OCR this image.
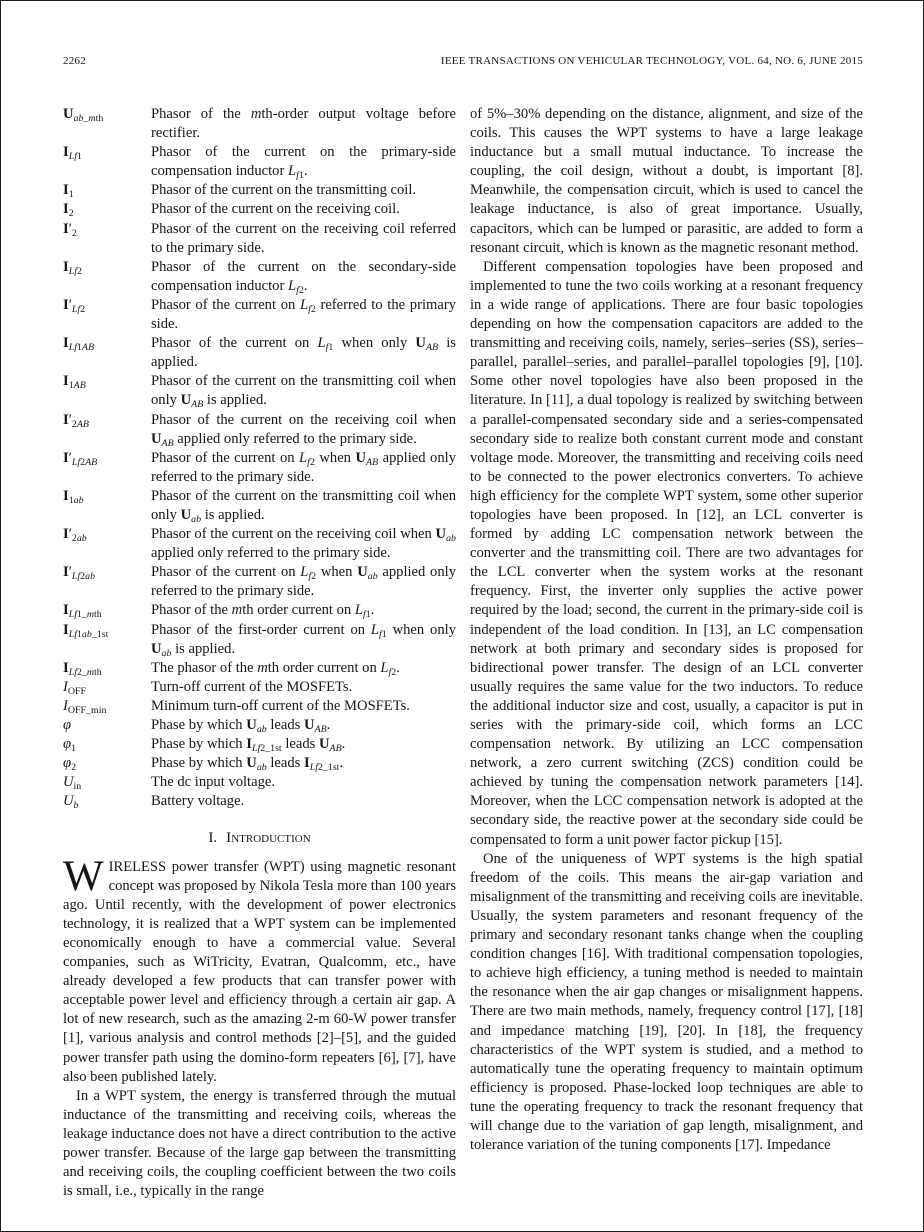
2262	IEEE TRANSACTIONS ON VEHICULAR TECHNOLOGY, VOL. 64, NO. 6, JUNE 2015
$U_{ab\_mth}$	Phasor of the mth-order output voltage before rectifier.
$I_{Lf1}$	Phasor of the current on the primary-side compensation inductor $L_{f1}$.
$I_1$	Phasor of the current on the transmitting coil.
$I_2$	Phasor of the current on the receiving coil.
$I'_2$	Phasor of the current on the receiving coil referred to the primary side.
$I_{Lf2}$	Phasor of the current on the secondary-side compensation inductor $L_{f2}$.
$I'_{Lf2}$	Phasor of the current on $L_{f2}$ referred to the primary side.
$I_{Lf1AB}$	Phasor of the current on $L_{f1}$ when only $U_{AB}$ is applied.
$I_{1AB}$	Phasor of the current on the transmitting coil when only $U_{AB}$ is applied.
$I'_{2AB}$	Phasor of the current on the receiving coil when $U_{AB}$ applied only referred to the primary side.
$I'_{Lf2AB}$	Phasor of the current on $L_{f2}$ when $U_{AB}$ applied only referred to the primary side.
$I_{1ab}$	Phasor of the current on the transmitting coil when only $U_{ab}$ is applied.
$I'_{2ab}$	Phasor of the current on the receiving coil when $U_{ab}$ applied only referred to the primary side.
$I'_{Lf2ab}$	Phasor of the current on $L_{f2}$ when $U_{ab}$ applied only referred to the primary side.
$I_{Lf1\_mth}$	Phasor of the mth order current on $L_{f1}$.
$I_{Lf1ab\_1st}$	Phasor of the first-order current on $L_{f1}$ when only $U_{ab}$ is applied.
$I_{Lf2\_mth}$	The phasor of the mth order current on $L_{f2}$.
$I_{OFF}$	Turn-off current of the MOSFETs.
$I_{OFF\_min}$	Minimum turn-off current of the MOSFETs.
φ	Phase by which $U_{ab}$ leads $U_{AB}$.
$\varphi_1$	Phase by which $I_{Lf2\_1st}$ leads $U_{AB}$.
$\varphi_2$	Phase by which $U_{ab}$ leads $I_{Lf2\_1st}$.
$U_{in}$	The dc input voltage.
$U_b$	Battery voltage.
I. Introduction

WIRELESS power transfer (WPT) using magnetic resonant concept was proposed by Nikola Tesla more than 100 years ago. Until recently, with the development of power electronics technology, it is realized that a WPT system can be implemented economically enough to have a commercial value. Several companies, such as WiTricity, Evatran, Qualcomm, etc., have already developed a few products that can transfer power with acceptable power level and efficiency through a certain air gap. A lot of new research, such as the amazing 2-m 60-W power transfer [1], various analysis and control methods [2]–[5], and the guided power transfer path using the domino-form repeaters [6], [7], have also been published lately.

In a WPT system, the energy is transferred through the mutual inductance of the transmitting and receiving coils, whereas the leakage inductance does not have a direct contribution to the active power transfer. Because of the large gap between the transmitting and receiving coils, the coupling coefficient between the two coils is small, i.e., typically in the range

of 5%–30% depending on the distance, alignment, and size of the coils. This causes the WPT systems to have a large leakage inductance but a small mutual inductance. To increase the coupling, the coil design, without a doubt, is important [8]. Meanwhile, the compensation circuit, which is used to cancel the leakage inductance, is also of great importance. Usually, capacitors, which can be lumped or parasitic, are added to form a resonant circuit, which is known as the magnetic resonant method.

Different compensation topologies have been proposed and implemented to tune the two coils working at a resonant frequency in a wide range of applications. There are four basic topologies depending on how the compensation capacitors are added to the transmitting and receiving coils, namely, series–series (SS), series–parallel, parallel–series, and parallel–parallel topologies [9], [10]. Some other novel topologies have also been proposed in the literature. In [11], a dual topology is realized by switching between a parallel-compensated secondary side and a series-compensated secondary side to realize both constant current mode and constant voltage mode. Moreover, the transmitting and receiving coils need to be connected to the power electronics converters. To achieve high efficiency for the complete WPT system, some other superior topologies have been proposed. In [12], an LCL converter is formed by adding LC compensation network between the converter and the transmitting coil. There are two advantages for the LCL converter when the system works at the resonant frequency. First, the inverter only supplies the active power required by the load; second, the current in the primary-side coil is independent of the load condition. In [13], an LC compensation network at both primary and secondary sides is proposed for bidirectional power transfer. The design of an LCL converter usually requires the same value for the two inductors. To reduce the additional inductor size and cost, usually, a capacitor is put in series with the primary-side coil, which forms an LCC compensation network. By utilizing an LCC compensation network, a zero current switching (ZCS) condition could be achieved by tuning the compensation network parameters [14]. Moreover, when the LCC compensation network is adopted at the secondary side, the reactive power at the secondary side could be compensated to form a unit power factor pickup [15].

One of the uniqueness of WPT systems is the high spatial freedom of the coils. This means the air-gap variation and misalignment of the transmitting and receiving coils are inevitable. Usually, the system parameters and resonant frequency of the primary and secondary resonant tanks change when the coupling condition changes [16]. With traditional compensation topologies, to achieve high efficiency, a tuning method is needed to maintain the resonance when the air gap changes or misalignment happens. There are two main methods, namely, frequency control [17], [18] and impedance matching [19], [20]. In [18], the frequency characteristics of the WPT system is studied, and a method to automatically tune the operating frequency to maintain optimum efficiency is proposed. Phase-locked loop techniques are able to tune the operating frequency to track the resonant frequency that will change due to the variation of gap length, misalignment, and tolerance variation of the tuning components [17]. Impedance
